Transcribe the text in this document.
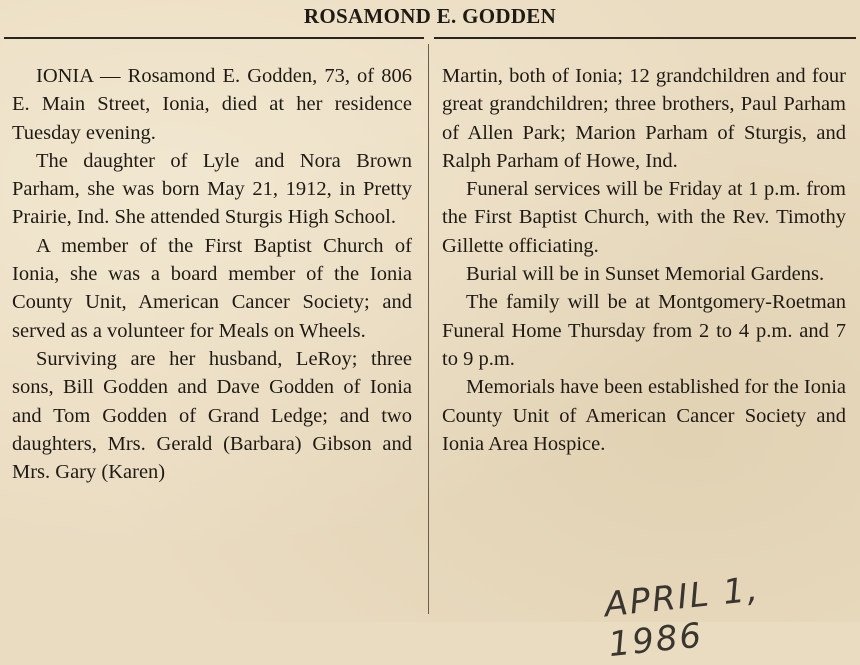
ROSAMOND E. GODDEN

IONIA — Rosamond E. Godden, 73, of 806 E. Main Street, Ionia, died at her residence Tuesday evening.

The daughter of Lyle and Nora Brown Parham, she was born May 21, 1912, in Pretty Prairie, Ind. She attended Sturgis High School.

A member of the First Baptist Church of Ionia, she was a board member of the Ionia County Unit, American Cancer Society; and served as a volunteer for Meals on Wheels.

Surviving are her husband, LeRoy; three sons, Bill Godden and Dave Godden of Ionia and Tom Godden of Grand Ledge; and two daughters, Mrs. Gerald (Barbara) Gibson and Mrs. Gary (Karen)

Martin, both of Ionia; 12 grandchildren and four great grandchildren; three brothers, Paul Parham of Allen Park; Marion Parham of Sturgis, and Ralph Parham of Howe, Ind.

Funeral services will be Friday at 1 p.m. from the First Baptist Church, with the Rev. Timothy Gillette officiating.

Burial will be in Sunset Memorial Gardens.

The family will be at Montgomery-Roetman Funeral Home Thursday from 2 to 4 p.m. and 7 to 9 p.m.

Memorials have been established for the Ionia County Unit of American Cancer Society and Ionia Area Hospice.

APRIL 1, 1986
